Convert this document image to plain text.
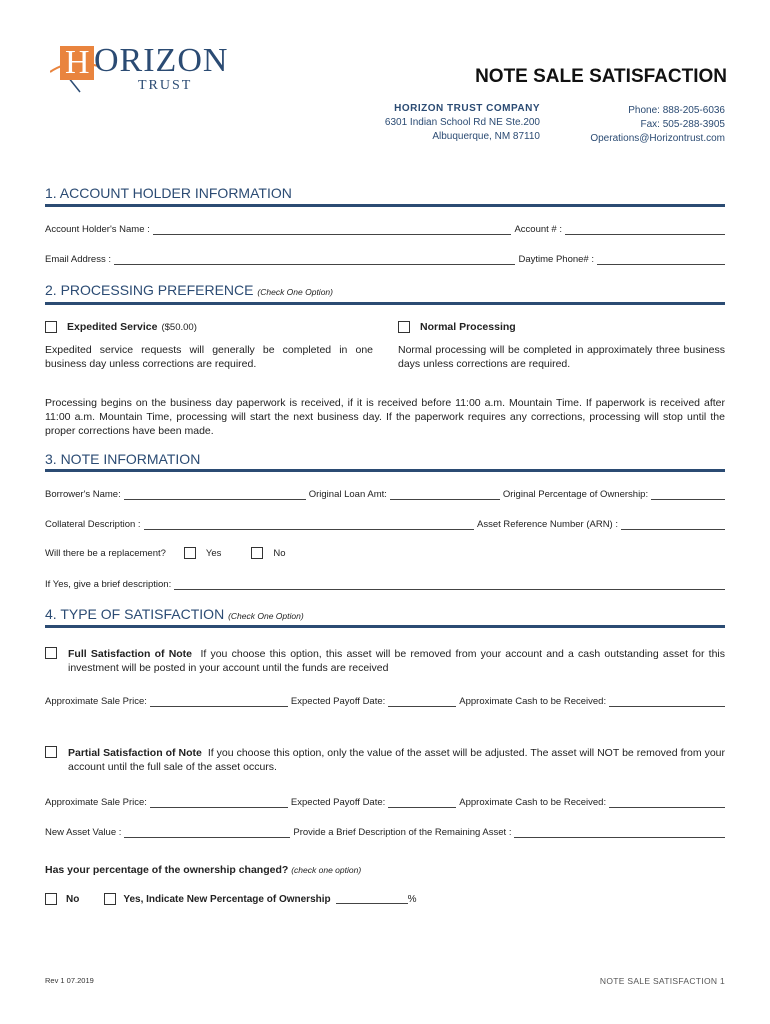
H ORIZON
TRUST	NOTE SALE SATISFACTION
HORIZON TRUST COMPANY
6301 Indian School Rd NE Ste.200
Albuquerque, NM 87110
Phone: 888-205-6036
Fax: 505-288-3905
Operations@Horizontrust.com
1. ACCOUNT HOLDER INFORMATION
Account Holder's Name :	Account # :
Email Address :	Daytime Phone# :
2. PROCESSING PREFERENCE (Check One Option)
Expedited Service ($50.00)
Expedited service requests will generally be completed in one business day unless corrections are required.
Normal Processing
Normal processing will be completed in approximately three business days unless corrections are required.
Processing begins on the business day paperwork is received, if it is received before 11:00 a.m. Mountain Time. If paperwork is received after 11:00 a.m. Mountain Time, processing will start the next business day. If the paperwork requires any corrections, processing will stop until the proper corrections have been made.
3. NOTE INFORMATION
Borrower's Name:	Original Loan Amt:	Original Percentage of Ownership:
Collateral Description :	Asset Reference Number (ARN) :
Will there be a replacement?	Yes	No
If Yes, give a brief description:
4. TYPE OF SATISFACTION (Check One Option)
Full Satisfaction of Note If you choose this option, this asset will be removed from your account and a cash outstanding asset for this investment will be posted in your account until the funds are received
Approximate Sale Price:	Expected Payoff Date:	Approximate Cash to be Received:
Partial Satisfaction of Note If you choose this option, only the value of the asset will be adjusted. The asset will NOT be removed from your account until the full sale of the asset occurs.
Approximate Sale Price:	Expected Payoff Date:	Approximate Cash to be Received:
New Asset Value :	Provide a Brief Description of the Remaining Asset :
Has your percentage of the ownership changed? (check one option)
No	Yes, Indicate New Percentage of Ownership	%
Rev 1 07.2019	NOTE SALE SATISFACTION 1
